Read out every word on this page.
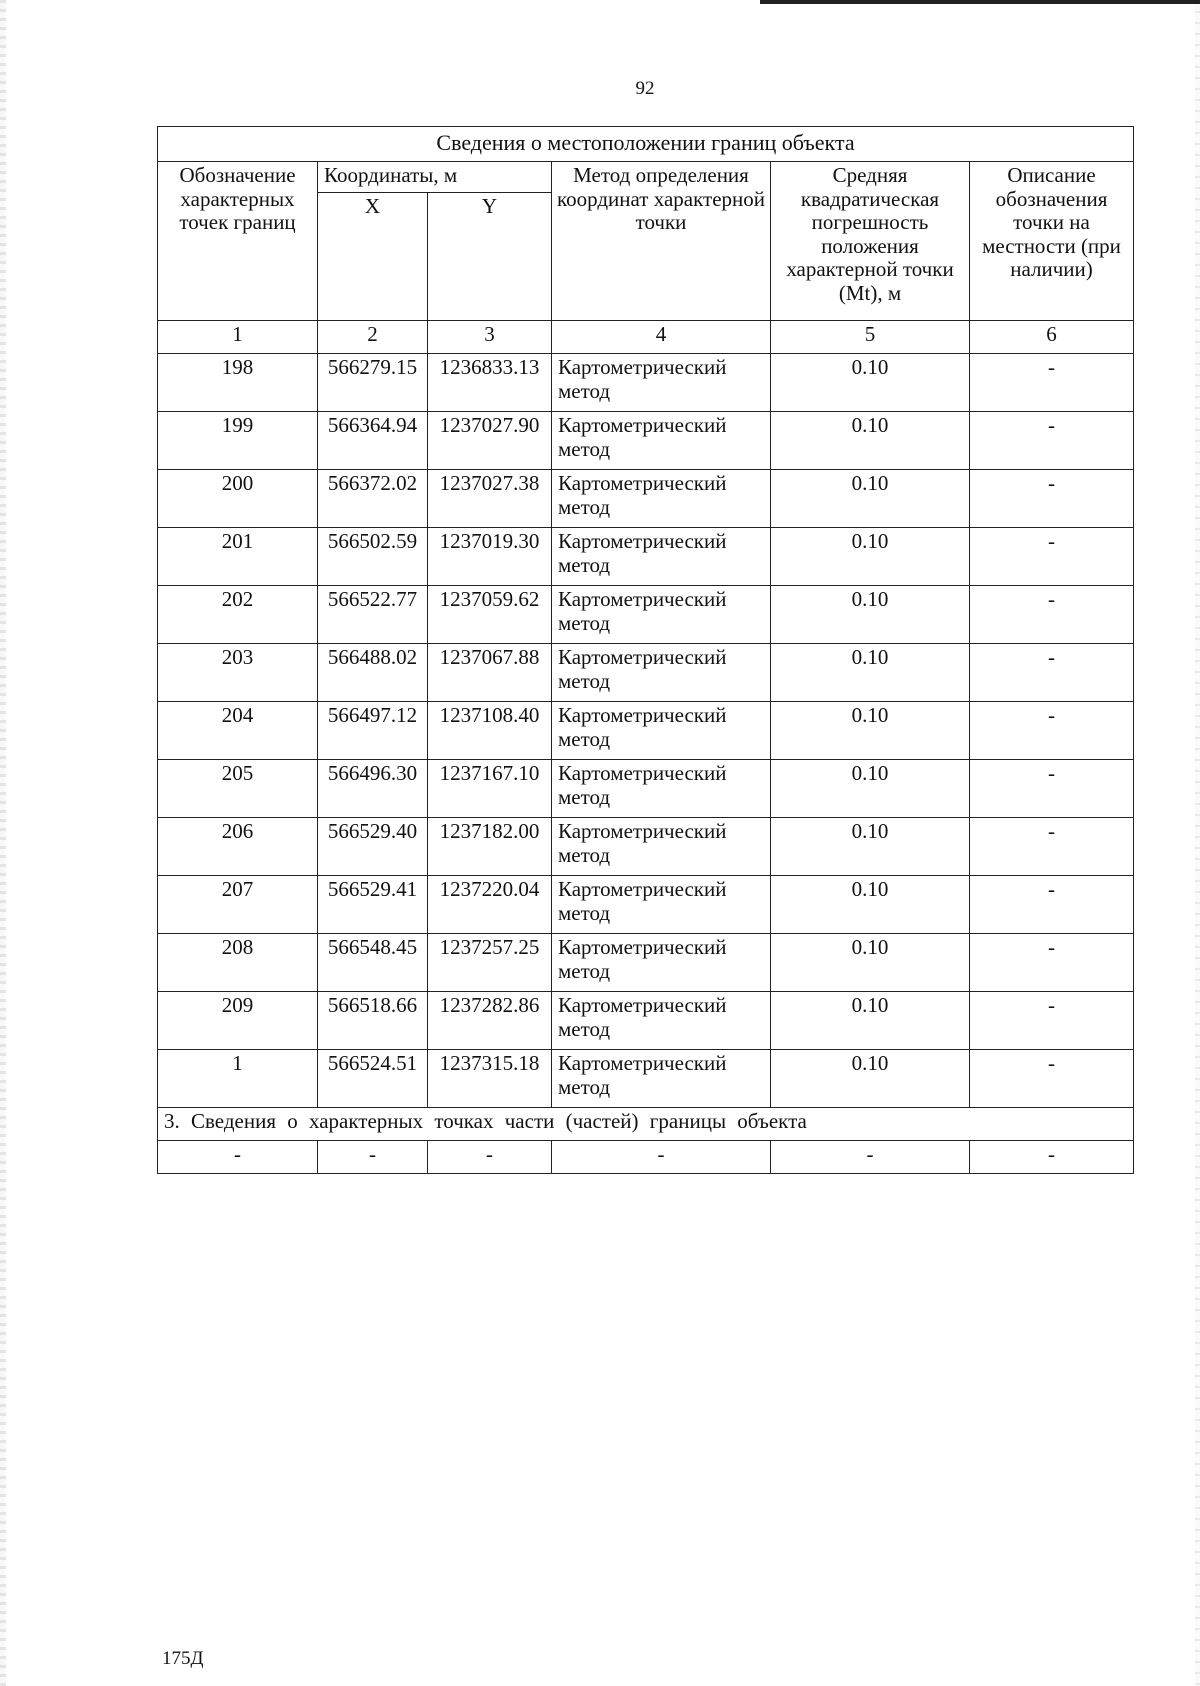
92
Сведения о местоположении границ объекта					
Обозначение характерных точек границ	Координаты, м		Метод определения координат характерной точки	Средняя квадратическая погрешность положения характерной точки (Mt), м	Описание обозначения точки на местности (при наличии)
	X	Y			
1	2	3	4	5	6
198	566279.15	1236833.13	Картометрический метод	0.10	-
199	566364.94	1237027.90	Картометрический метод	0.10	-
200	566372.02	1237027.38	Картометрический метод	0.10	-
201	566502.59	1237019.30	Картометрический метод	0.10	-
202	566522.77	1237059.62	Картометрический метод	0.10	-
203	566488.02	1237067.88	Картометрический метод	0.10	-
204	566497.12	1237108.40	Картометрический метод	0.10	-
205	566496.30	1237167.10	Картометрический метод	0.10	-
206	566529.40	1237182.00	Картометрический метод	0.10	-
207	566529.41	1237220.04	Картометрический метод	0.10	-
208	566548.45	1237257.25	Картометрический метод	0.10	-
209	566518.66	1237282.86	Картометрический метод	0.10	-
1	566524.51	1237315.18	Картометрический метод	0.10	-
3. Сведения о характерных точках части (частей) границы объекта					
-	-	-	-	-	-
175Д
